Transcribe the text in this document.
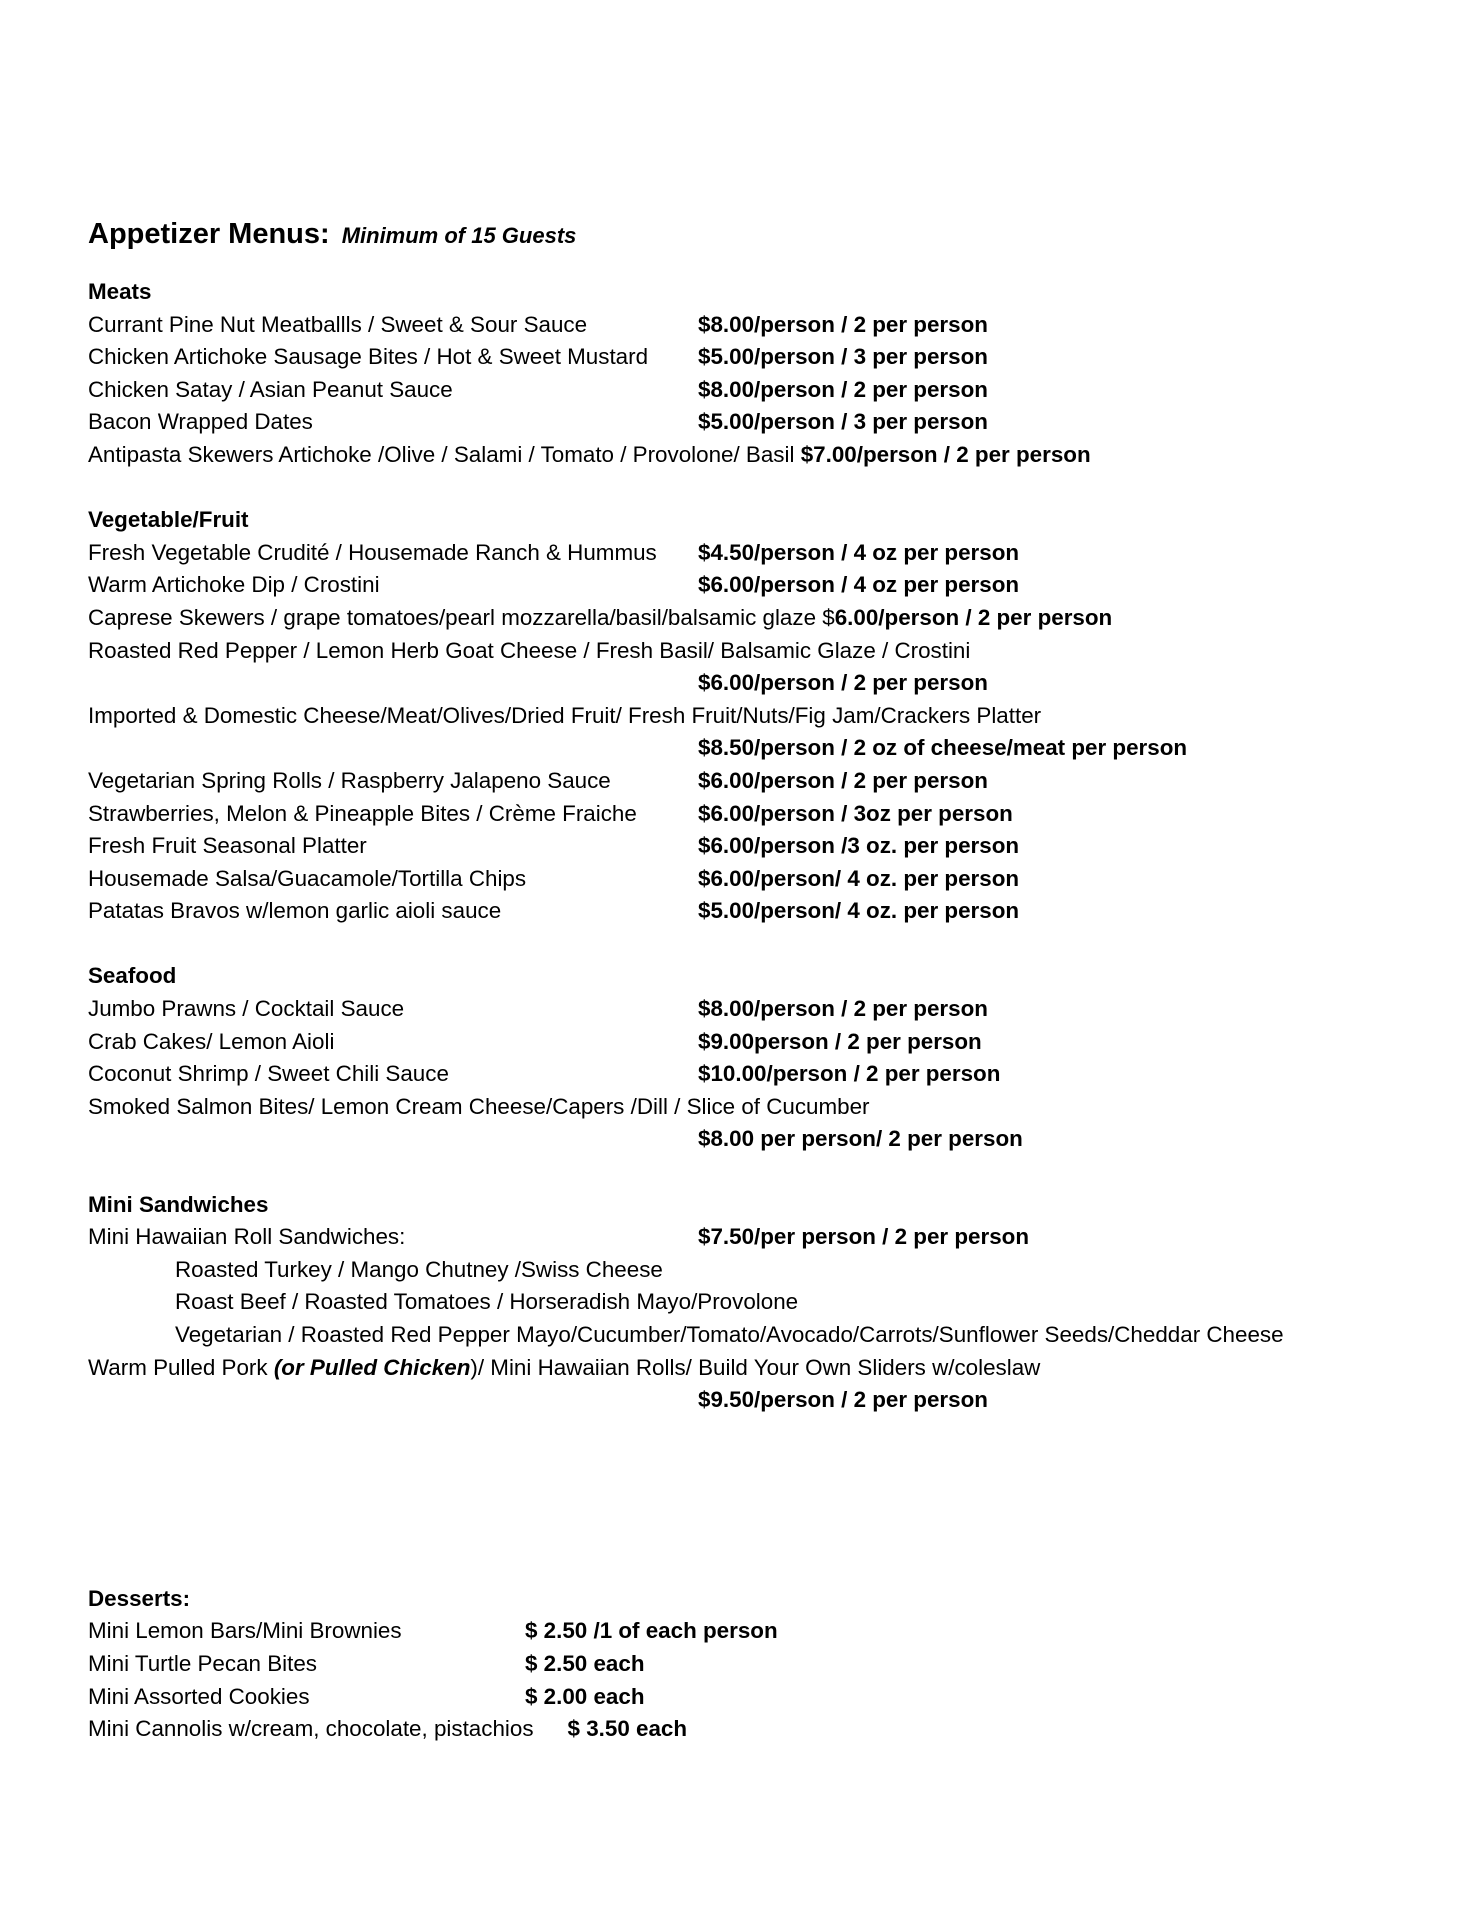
Appetizer Menus: Minimum of 15 Guests
Meats
Currant Pine Nut Meatballls / Sweet & Sour Sauce	$8.00/person / 2 per person
Chicken Artichoke Sausage Bites / Hot & Sweet Mustard $5.00/person / 3 per person
Chicken Satay / Asian Peanut Sauce	$8.00/person / 2 per person
Bacon Wrapped Dates	$5.00/person / 3 per person
Antipasta Skewers Artichoke /Olive / Salami / Tomato / Provolone/ Basil $7.00/person / 2 per person
Vegetable/Fruit
Fresh Vegetable Crudité / Housemade Ranch & Hummus $4.50/person / 4 oz per person
Warm Artichoke Dip / Crostini	$6.00/person / 4 oz per person
Caprese Skewers / grape tomatoes/pearl mozzarella/basil/balsamic glaze $6.00/person / 2 per person
Roasted Red Pepper / Lemon Herb Goat Cheese / Fresh Basil/ Balsamic Glaze / Crostini
$6.00/person / 2 per person
Imported & Domestic Cheese/Meat/Olives/Dried Fruit/ Fresh Fruit/Nuts/Fig Jam/Crackers Platter
$8.50/person / 2 oz of cheese/meat per person
Vegetarian Spring Rolls / Raspberry Jalapeno Sauce	$6.00/person / 2 per person
Strawberries, Melon & Pineapple Bites / Crème Fraiche	$6.00/person / 3oz per person
Fresh Fruit Seasonal Platter	$6.00/person /3 oz. per person
Housemade Salsa/Guacamole/Tortilla Chips	$6.00/person/ 4 oz. per person
Patatas Bravos w/lemon garlic aioli sauce	$5.00/person/ 4 oz. per person
Seafood
Jumbo Prawns / Cocktail Sauce	$8.00/person / 2 per person
Crab Cakes/ Lemon Aioli	$9.00person / 2 per person
Coconut Shrimp / Sweet Chili Sauce	$10.00/person / 2 per person
Smoked Salmon Bites/ Lemon Cream Cheese/Capers /Dill / Slice of Cucumber
$8.00 per person/ 2 per person
Mini Sandwiches
Mini Hawaiian Roll Sandwiches:	$7.50/per person / 2 per person
Roasted Turkey / Mango Chutney /Swiss Cheese
Roast Beef / Roasted Tomatoes / Horseradish Mayo/Provolone
Vegetarian / Roasted Red Pepper Mayo/Cucumber/Tomato/Avocado/Carrots/Sunflower Seeds/Cheddar Cheese
Warm Pulled Pork (or Pulled Chicken)/ Mini Hawaiian Rolls/ Build Your Own Sliders w/coleslaw
$9.50/person / 2 per person
Desserts:
Mini Lemon Bars/Mini Brownies	$ 2.50 /1 of each person
Mini Turtle Pecan Bites	$ 2.50 each
Mini Assorted Cookies	$ 2.00 each
Mini Cannolis w/cream, chocolate, pistachios $ 3.50 each
